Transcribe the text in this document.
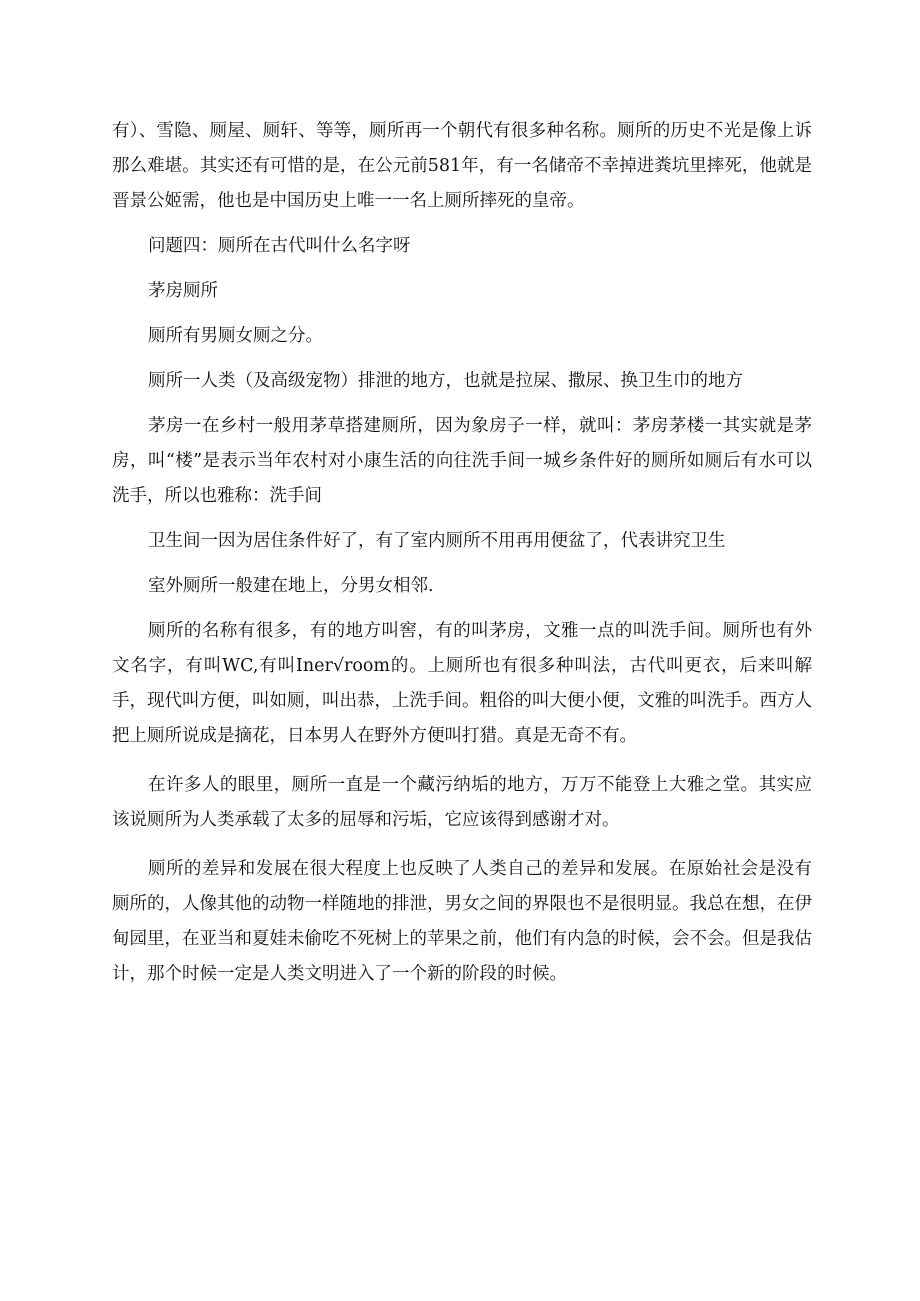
有）、雪隐、厕屋、厕轩、等等，厕所再一个朝代有很多种名称。厕所的历史不光是像上诉那么难堪。其实还有可惜的是，在公元前581年，有一名储帝不幸掉进粪坑里摔死，他就是晋景公姬需，他也是中国历史上唯一一名上厕所摔死的皇帝。

问题四：厕所在古代叫什么名字呀

茅房厕所

厕所有男厕女厕之分。

厕所一人类（及高级宠物）排泄的地方，也就是拉屎、撒尿、换卫生巾的地方

茅房一在乡村一般用茅草搭建厕所，因为象房子一样，就叫：茅房茅楼一其实就是茅房，叫“楼”是表示当年农村对小康生活的向往洗手间一城乡条件好的厕所如厕后有水可以洗手，所以也雅称：洗手间

卫生间一因为居住条件好了，有了室内厕所不用再用便盆了，代表讲究卫生

室外厕所一般建在地上，分男女相邻.

厕所的名称有很多，有的地方叫窖，有的叫茅房，文雅一点的叫洗手间。厕所也有外文名字，有叫WC,有叫Iner√room的。上厕所也有很多种叫法，古代叫更衣，后来叫解手，现代叫方便，叫如厕，叫出恭，上洗手间。粗俗的叫大便小便，文雅的叫洗手。西方人把上厕所说成是摘花，日本男人在野外方便叫打猎。真是无奇不有。

在许多人的眼里，厕所一直是一个藏污纳垢的地方，万万不能登上大雅之堂。其实应该说厕所为人类承载了太多的屈辱和污垢，它应该得到感谢才对。

厕所的差异和发展在很大程度上也反映了人类自己的差异和发展。在原始社会是没有厕所的，人像其他的动物一样随地的排泄，男女之间的界限也不是很明显。我总在想，在伊甸园里，在亚当和夏娃未偷吃不死树上的苹果之前，他们有内急的时候，会不会。但是我估计，那个时候一定是人类文明进入了一个新的阶段的时候。
